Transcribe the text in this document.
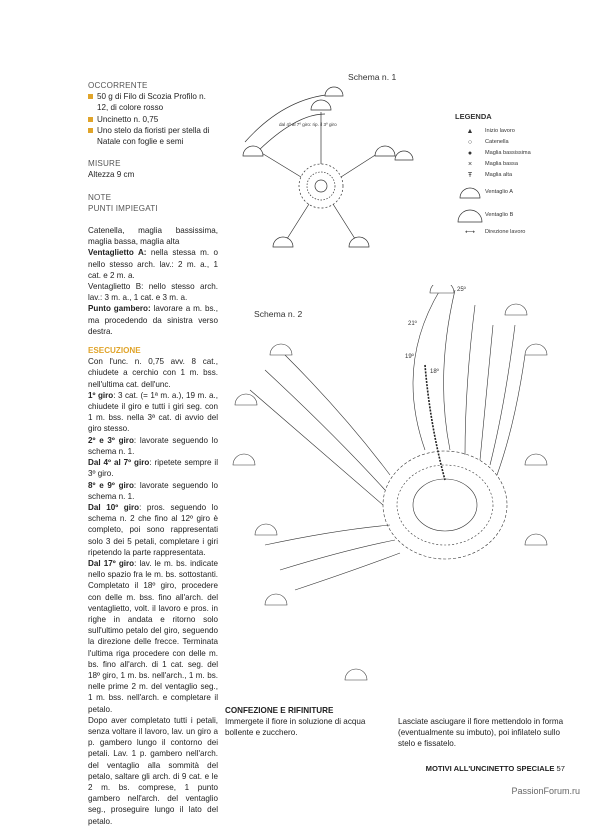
OCCORRENTE
50 g di Filo di Scozia Profilo n. 12, di colore rosso
Uncinetto n. 0,75
Uno stelo da fioristi per stella di Natale con foglie e semi
MISURE
Altezza 9 cm
NOTE
PUNTI IMPIEGATI

Catenella, maglia bassissima, maglia bassa, maglia alta

Ventaglietto A: nella stessa m. o nello stesso arch. lav.: 2 m. a., 1 cat. e 2 m. a.

Ventaglietto B: nello stesso arch. lav.: 3 m. a., 1 cat. e 3 m. a.

Punto gambero: lavorare a m. bs., ma procedendo da sinistra verso destra.

ESECUZIONE

Con l'unc. n. 0,75 avv. 8 cat., chiudete a cerchio con 1 m. bss. nell'ultima cat. dell'unc.

1º giro: 3 cat. (= 1ª m. a.), 19 m. a., chiudete il giro e tutti i giri seg. con 1 m. bss. nella 3ª cat. di avvio del giro stesso.

2º e 3º giro: lavorate seguendo lo schema n. 1.

Dal 4º al 7º giro: ripetete sempre il 3º giro.

8º e 9º giro: lavorate seguendo lo schema n. 1.

Dal 10º giro: pros. seguendo lo schema n. 2 che fino al 12º giro è completo, poi sono rappresentati solo 3 dei 5 petali, completare i giri ripetendo la parte rappresentata.

Dal 17º giro: lav. le m. bs. indicate nello spazio fra le m. bs. sottostanti. Completato il 18º giro, procedere con delle m. bss. fino all'arch. del ventaglietto, volt. il lavoro e pros. in righe in andata e ritorno solo sull'ultimo petalo del giro, seguendo la direzione delle frecce. Terminata l'ultima riga procedere con delle m. bs. fino all'arch. di 1 cat. seg. del 18º giro, 1 m. bs. nell'arch., 1 m. bs. nelle prime 2 m. del ventaglio seg., 1 m. bss. nell'arch. e completare il petalo.

Dopo aver completato tutti i petali, senza voltare il lavoro, lav. un giro a p. gambero lungo il contorno dei petali. Lav. 1 p. gambero nell'arch. del ventaglio alla sommità del petalo, saltare gli arch. di 9 cat. e le 2 m. bs. comprese, 1 punto gambero nell'arch. del ventaglio seg., proseguire lungo il lato del petalo.

Schema n. 1
dal 4º al 7º giro: rip. il 3º giro
LEGENDA
▲	Inizio lavoro
○	Catenella
●	Maglia bassissima
×	Maglia bassa
Ŧ	Maglia alta
Ventaglio A
Ventaglio B
⟷	Direzione lavoro
Schema n. 2
25º
21º
19º
18º
CONFEZIONE E RIFINITURE
Immergete il fiore in soluzione di acqua bollente e zucchero.
Lasciate asciugare il fiore mettendolo in forma (eventualmente su imbuto), poi infilatelo sullo stelo e fissatelo.
MOTIVI ALL'UNCINETTO SPECIALE 57
PassionForum.ru
